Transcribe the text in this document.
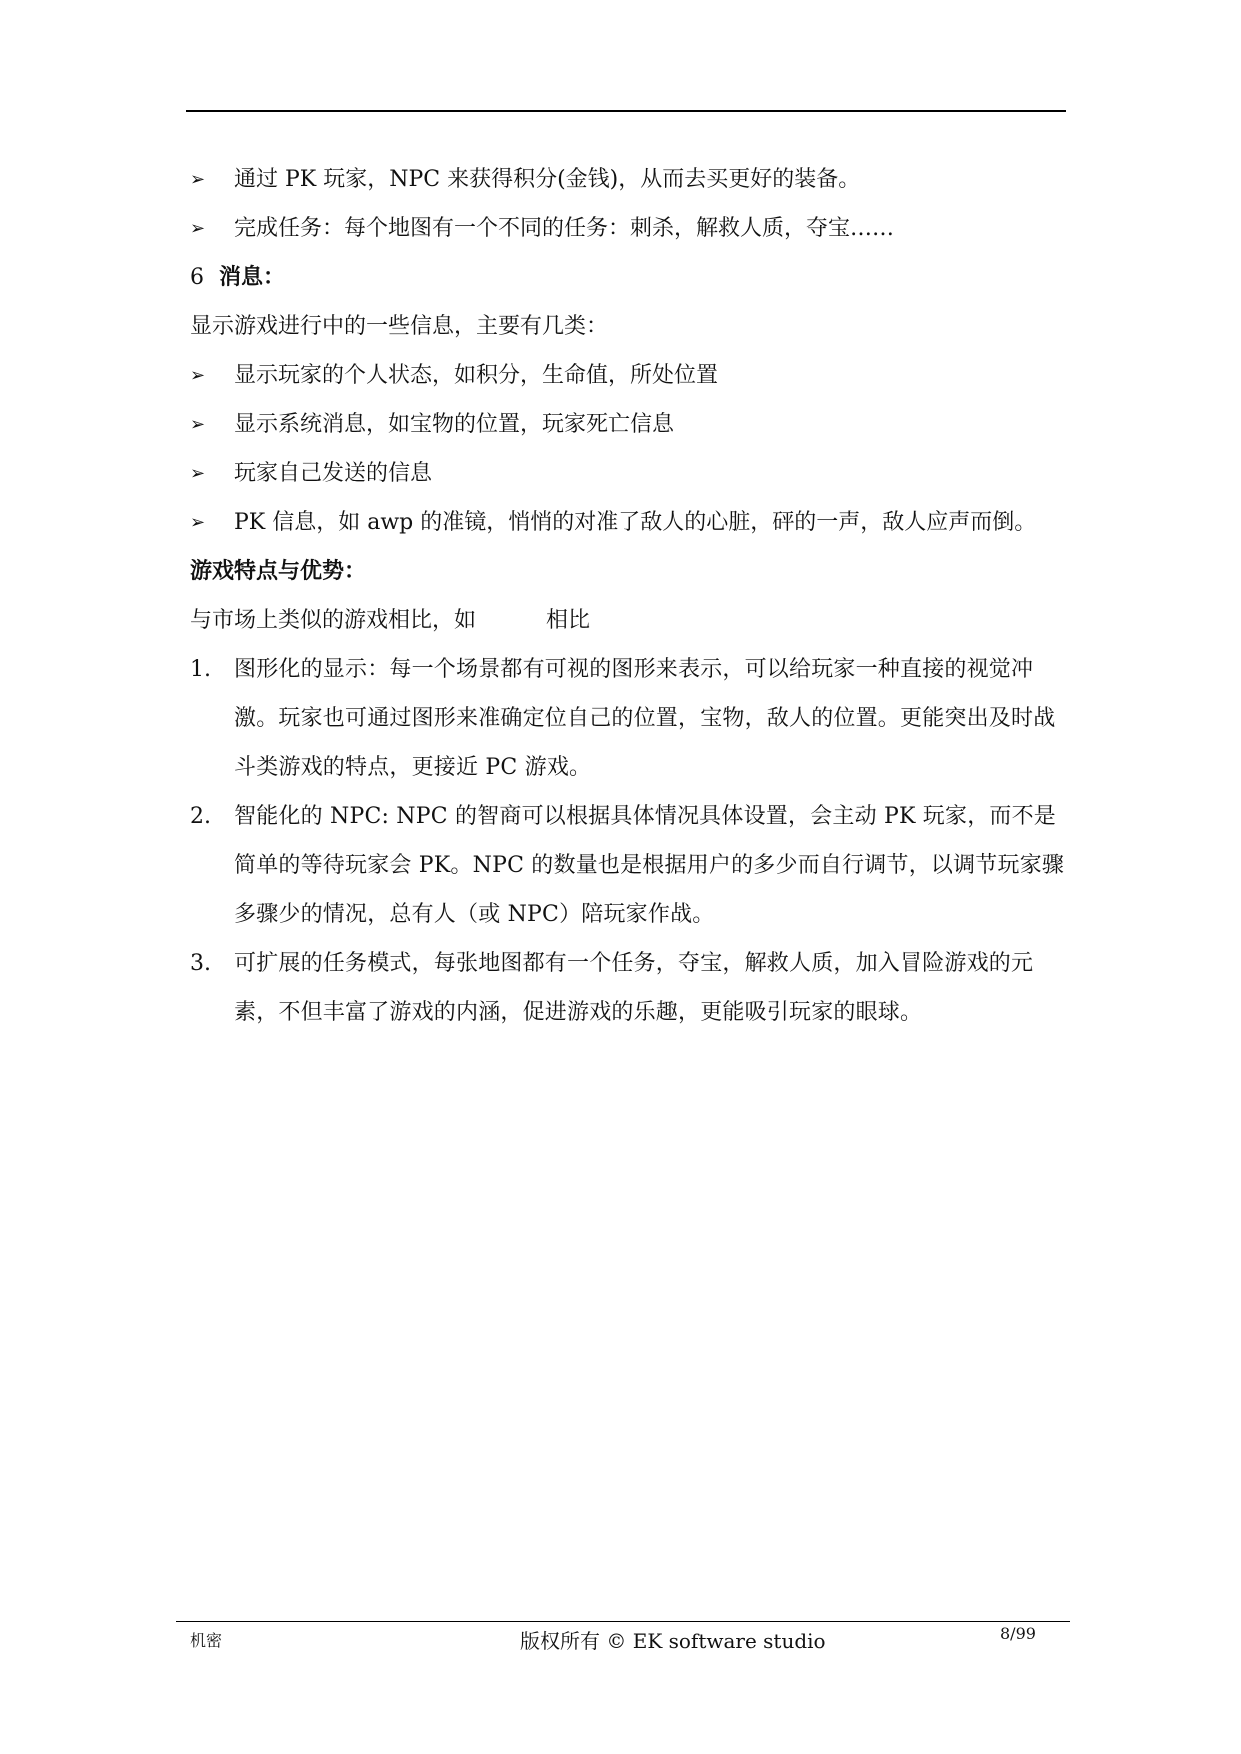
➢	通过 PK 玩家，NPC 来获得积分(金钱)，从而去买更好的装备。
➢	完成任务：每个地图有一个不同的任务：刺杀，解救人质，夺宝……
6 消息：
显示游戏进行中的一些信息，主要有几类：
➢	显示玩家的个人状态，如积分，生命值，所处位置
➢	显示系统消息，如宝物的位置，玩家死亡信息
➢	玩家自己发送的信息
➢	PK 信息，如 awp 的准镜，悄悄的对准了敌人的心脏，砰的一声，敌人应声而倒。
游戏特点与优势：
与市场上类似的游戏相比，如	相比
1.	图形化的显示：每一个场景都有可视的图形来表示，可以给玩家一种直接的视觉冲激。玩家也可通过图形来准确定位自己的位置，宝物，敌人的位置。更能突出及时战斗类游戏的特点，更接近 PC 游戏。
2.	智能化的 NPC: NPC 的智商可以根据具体情况具体设置，会主动 PK 玩家，而不是简单的等待玩家会 PK。NPC 的数量也是根据用户的多少而自行调节，以调节玩家骤多骤少的情况，总有人（或 NPC）陪玩家作战。
3.	可扩展的任务模式，每张地图都有一个任务，夺宝，解救人质，加入冒险游戏的元素，不但丰富了游戏的内涵，促进游戏的乐趣，更能吸引玩家的眼球。
机密	版权所有 © EK software studio	8/99
